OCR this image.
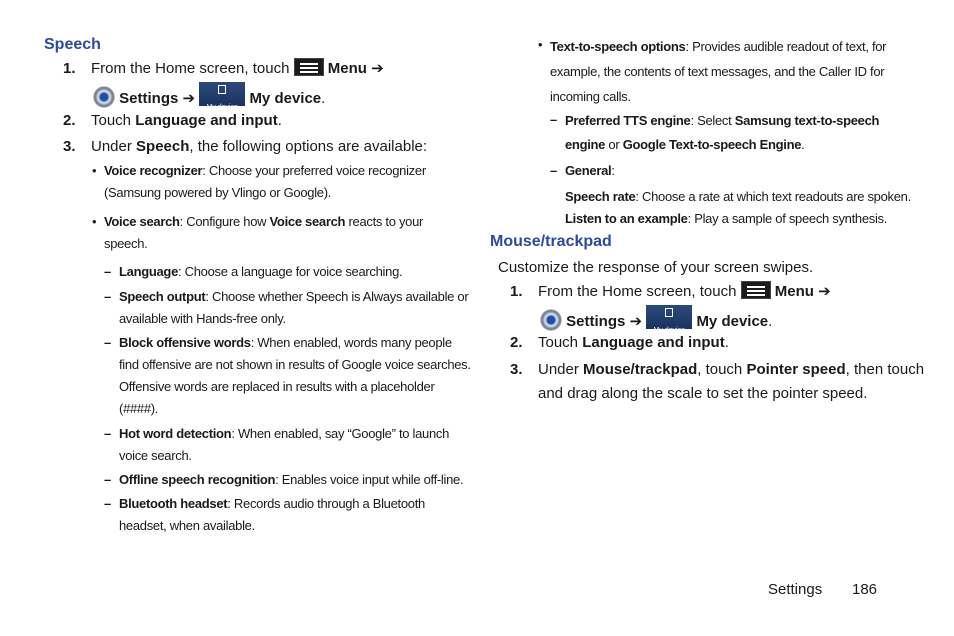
Speech
1. From the Home screen, touch	Menu ➔
Settings ➔
My device My device.
2. Touch Language and input.
3. Under Speech, the following options are available:
• Voice recognizer: Choose your preferred voice recognizer
(Samsung powered by Vlingo or Google).
• Voice search: Configure how Voice search reacts to your
speech.
– Language: Choose a language for voice searching.
– Speech output: Choose whether Speech is Always available or
available with Hands-free only.
– Block offensive words: When enabled, words many people
find offensive are not shown in results of Google voice searches.
Offensive words are replaced in results with a placeholder
(####).
– Hot word detection: When enabled, say “Google” to launch
voice search.
– Offline speech recognition: Enables voice input while off-line.
– Bluetooth headset: Records audio through a Bluetooth
headset, when available.
• Text-to-speech options: Provides audible readout of text, for
example, the contents of text messages, and the Caller ID for
incoming calls.
– Preferred TTS engine: Select Samsung text-to-speech
engine or Google Text-to-speech Engine.
– General:
Speech rate: Choose a rate at which text readouts are spoken.
Listen to an example: Play a sample of speech synthesis.
Mouse/trackpad
Customize the response of your screen swipes.
1. From the Home screen, touch	Menu ➔
Settings ➔
My device My device.
2. Touch Language and input.
3. Under Mouse/trackpad, touch Pointer speed, then touch
and drag along the scale to set the pointer speed.
Settings 186
